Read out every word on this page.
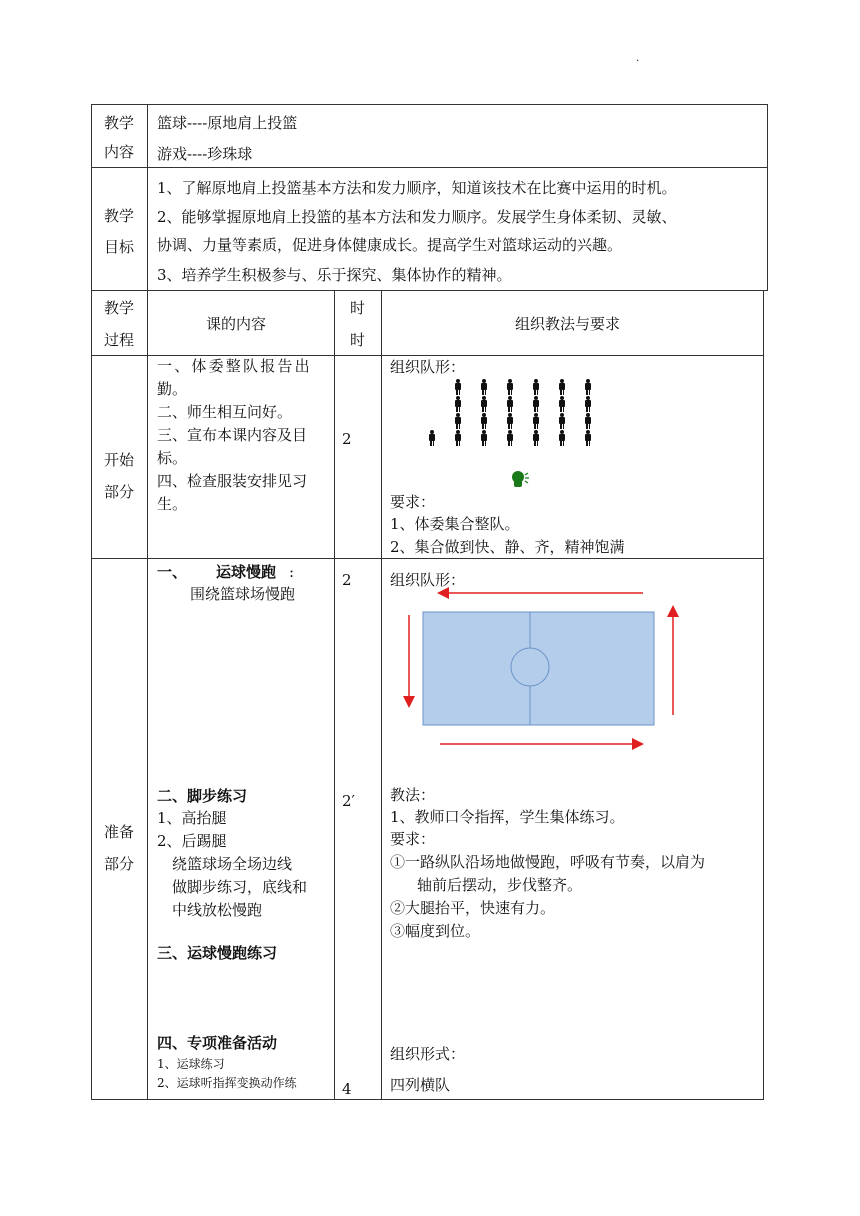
.
教学
内容
篮球----原地肩上投篮
游戏----珍珠球
教学
目标
1、了解原地肩上投篮基本方法和发力顺序，知道该技术在比赛中运用的时机。
2、能够掌握原地肩上投篮的基本方法和发力顺序。发展学生身体柔韧、灵敏、
协调、力量等素质，促进身体健康成长。提高学生对篮球运动的兴趣。
3、培养学生积极参与、乐于探究、集体协作的精神。
教学
过程
课的内容
时
时
组织教法与要求
开始
部分
一、体委整队报告出
勤。
二、师生相互问好。
三、宣布本课内容及目
标。
四、检查服装安排见习
生。
2
组织队形：
要求：
1、体委集合整队。
2、集合做到快、静、齐，精神饱满
准备
部分
一、 运球慢跑 :
围绕篮球场慢跑
2	组织队形：
二、脚步练习
1、高抬腿
2、后踢腿
绕篮球场全场边线
做脚步练习，底线和
中线放松慢跑
2′ 教法：
1、教师口令指挥，学生集体练习。
要求：
①一路纵队沿场地做慢跑，呼吸有节奏，以肩为
轴前后摆动，步伐整齐。
②大腿抬平，快速有力。
③幅度到位。
三、运球慢跑练习
四、专项准备活动
1、运球练习
2、运球听指挥变换动作练	4
组织形式：
四列横队
